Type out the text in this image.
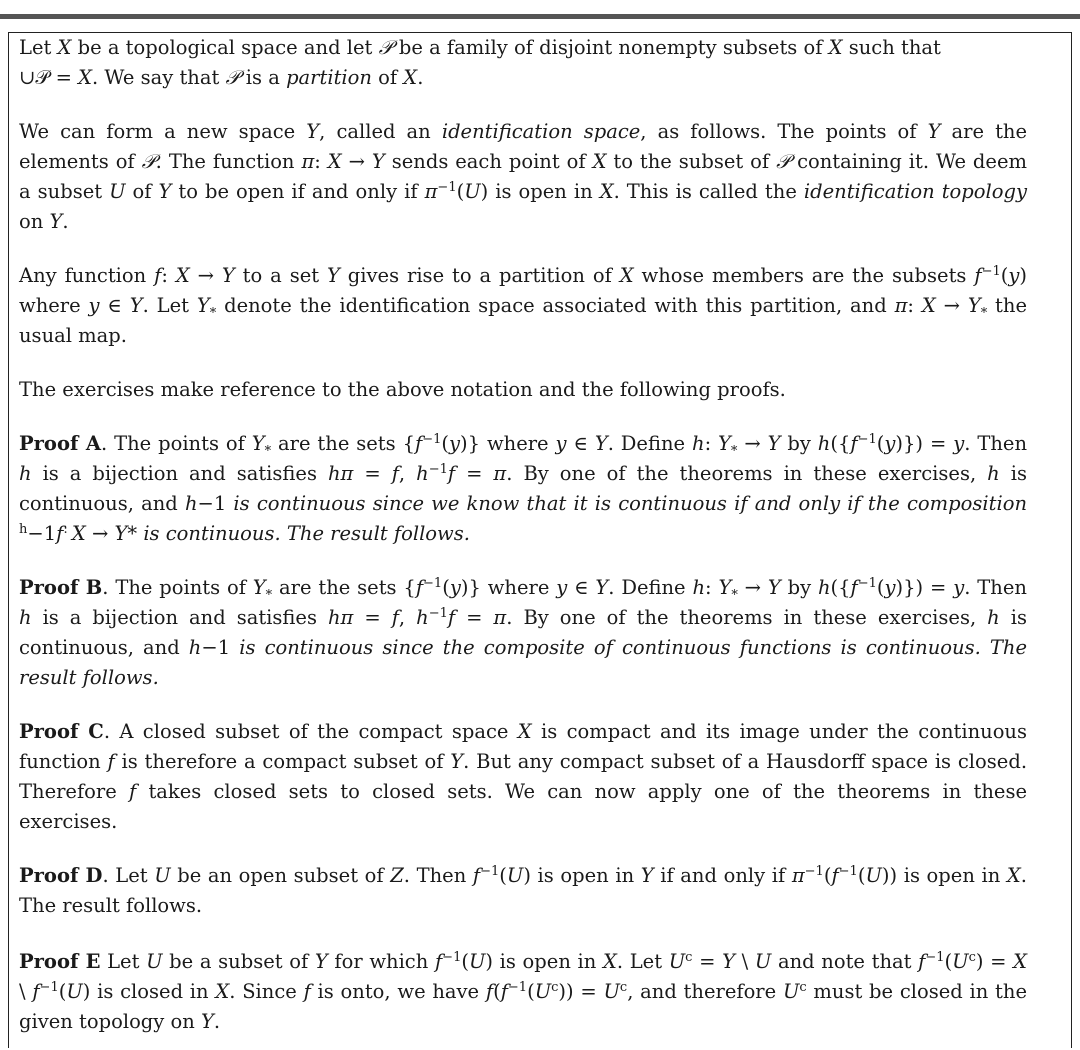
Let X be a topological space and let 𝒫 be a family of disjoint nonempty subsets of X such that
∪𝒫 = X. We say that 𝒫 is a partition of X.

We can form a new space Y, called an identification space, as follows. The points of Y are the elements of 𝒫. The function π: X → Y sends each point of X to the subset of 𝒫 containing it. We deem a subset U of Y to be open if and only if $\pi^{-1}(U)$ is open in X. This is called the identification topology on Y.

Any function f: X → Y to a set Y gives rise to a partition of X whose members are the subsets $f^{-1}(y)$ where y ∈ Y. Let $Y_*$ denote the identification space associated with this partition, and π: $X \to Y_*$ the usual map.

The exercises make reference to the above notation and the following proofs.

Proof A. The points of $Y_*$ are the sets $\{f^{-1}(y)\}$ where y ∈ Y. Define h: $Y_* \to Y$ by $h(\{f^{-1}(y)\}) = y$. Then h is a bijection and satisfies hπ = f, $h^{-1}f = \pi$. By one of the theorems in these exercises, h is continuous, and h−1 is continuous since we know that it is continuous if and only if the composition $^h$−1f: X → Y* is continuous. The result follows.

Proof B. The points of $Y_*$ are the sets $\{f^{-1}(y)\}$ where y ∈ Y. Define h: $Y_* \to Y$ by $h(\{f^{-1}(y)\}) = y$. Then h is a bijection and satisfies hπ = f, $h^{-1}f = \pi$. By one of the theorems in these exercises, h is continuous, and h−1 is continuous since the composite of continuous functions is continuous. The result follows.

Proof C. A closed subset of the compact space X is compact and its image under the continuous function f is therefore a compact subset of Y. But any compact subset of a Hausdorff space is closed. Therefore f takes closed sets to closed sets. We can now apply one of the theorems in these exercises.

Proof D. Let U be an open subset of Z. Then $f^{-1}(U)$ is open in Y if and only if $\pi^{-1}(f^{-1}(U))$ is open in X. The result follows.

Proof E Let U be a subset of Y for which $f^{-1}(U)$ is open in X. Let $U^c = Y$ \ U and note that $f^{-1}(U^c) = X$ \ $f^{-1}(U)$ is closed in X. Since f is onto, we have $f(f^{-1}(U^c)) = U^c$, and therefore $U^c$ must be closed in the given topology on Y.
